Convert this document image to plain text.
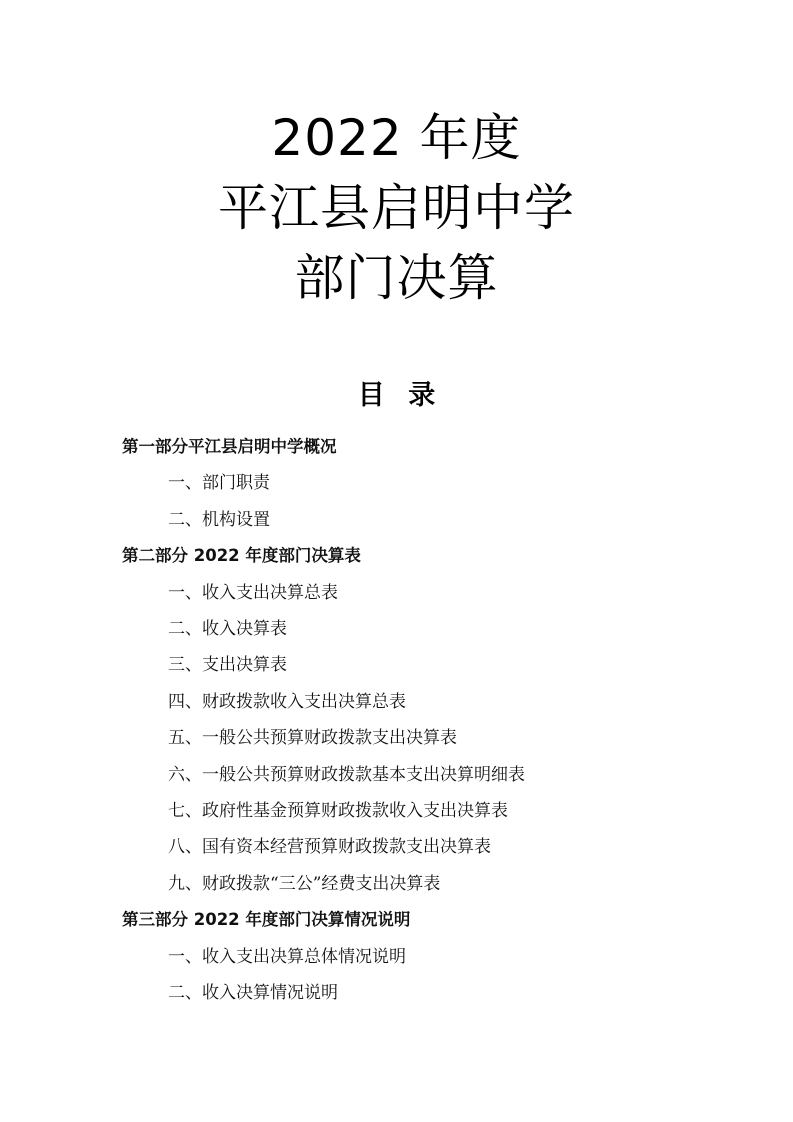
2022 年度
平江县启明中学
部门决算
目 录
第一部分平江县启明中学概况
一、部门职责
二、机构设置
第二部分 2022 年度部门决算表
一、收入支出决算总表
二、收入决算表
三、支出决算表
四、财政拨款收入支出决算总表
五、一般公共预算财政拨款支出决算表
六、一般公共预算财政拨款基本支出决算明细表
七、政府性基金预算财政拨款收入支出决算表
八、国有资本经营预算财政拨款支出决算表
九、财政拨款“三公”经费支出决算表
第三部分 2022 年度部门决算情况说明
一、收入支出决算总体情况说明
二、收入决算情况说明
